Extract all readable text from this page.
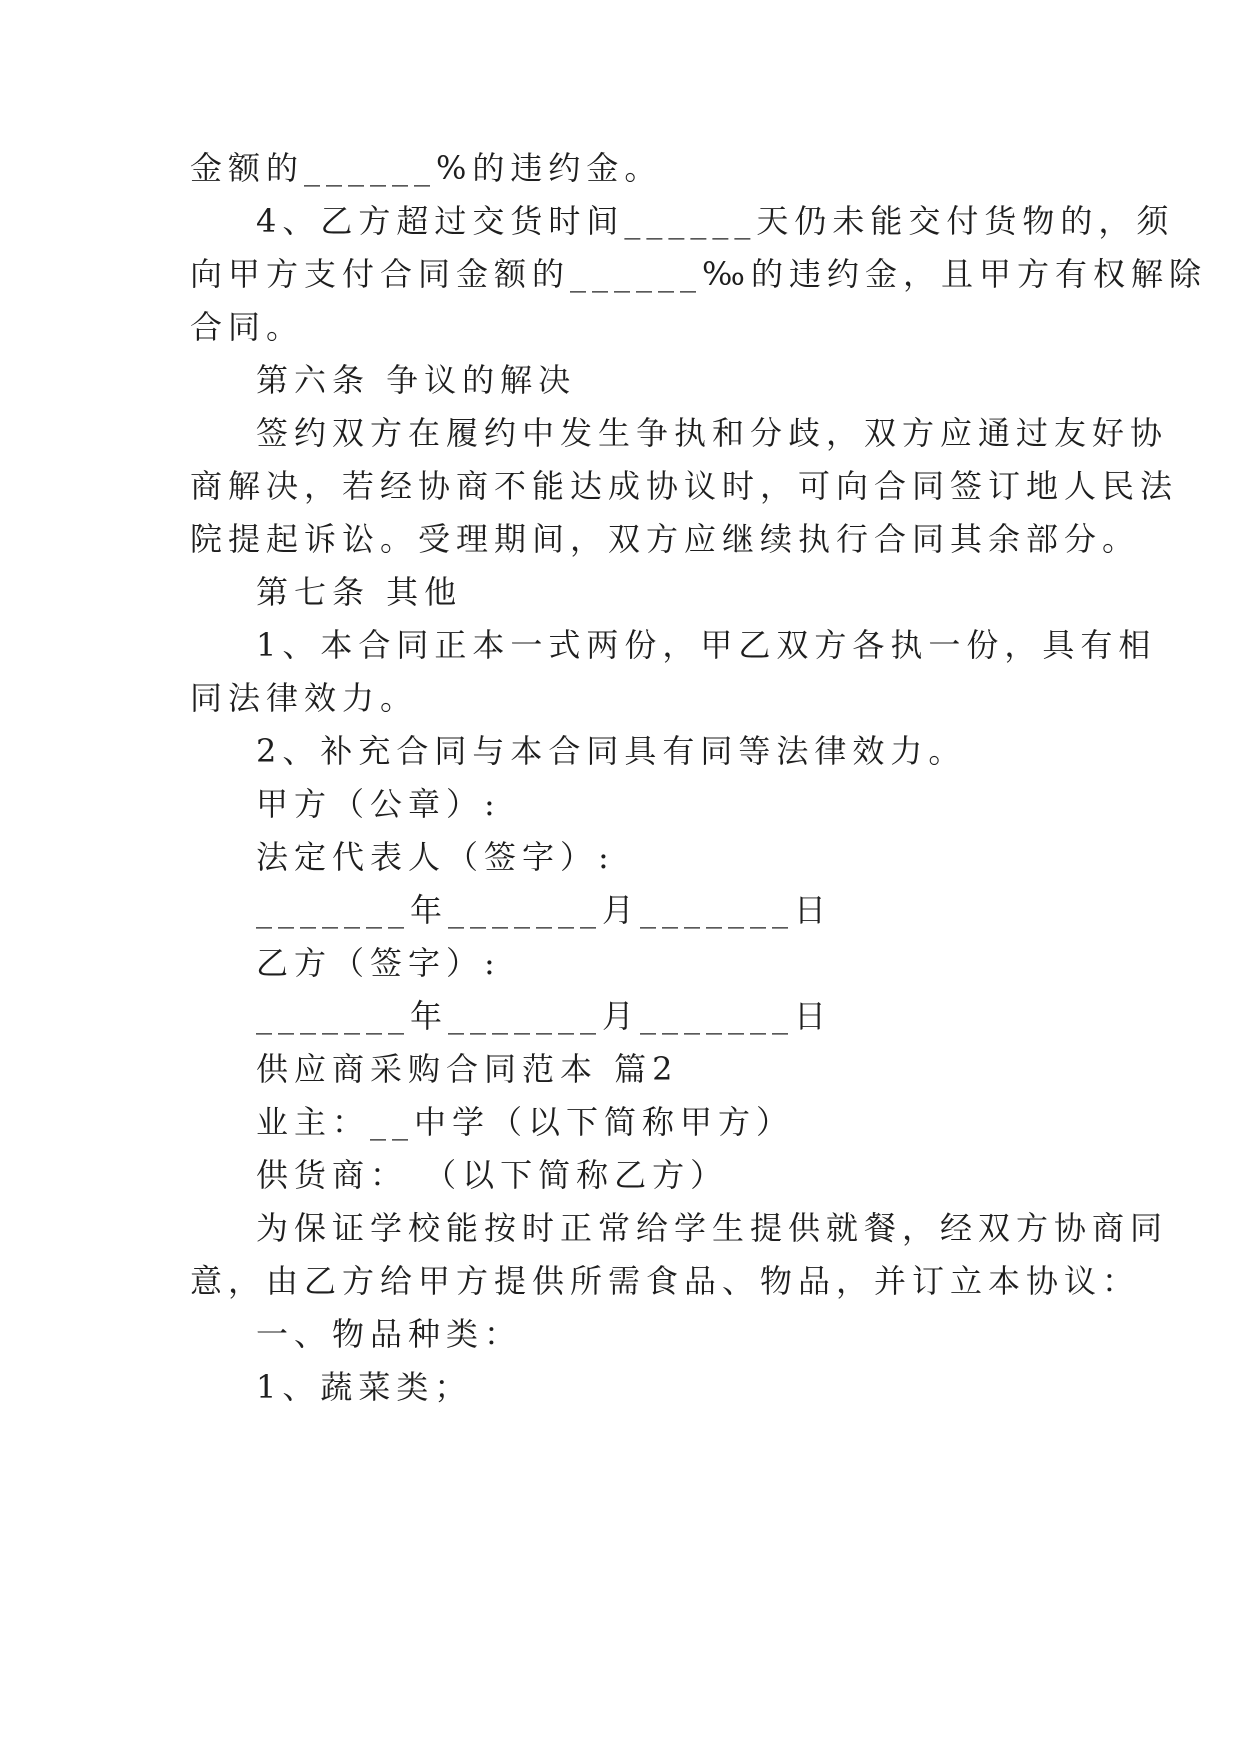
金额的______%的违约金。
4、乙方超过交货时间______天仍未能交付货物的，须
向甲方支付合同金额的______‰的违约金，且甲方有权解除
合同。
第六条 争议的解决
签约双方在履约中发生争执和分歧，双方应通过友好协
商解决，若经协商不能达成协议时，可向合同签订地人民法
院提起诉讼。受理期间，双方应继续执行合同其余部分。
第七条 其他
1、本合同正本一式两份，甲乙双方各执一份，具有相
同法律效力。
2、补充合同与本合同具有同等法律效力。
甲方（公章）:
法定代表人（签字）:
_______年_______月_______日
乙方（签字）:
_______年_______月_______日
供应商采购合同范本 篇2
业主：__中学（以下简称甲方）
供货商： （以下简称乙方）
为保证学校能按时正常给学生提供就餐，经双方协商同
意，由乙方给甲方提供所需食品、物品，并订立本协议：
一、物品种类：
1、蔬菜类；
